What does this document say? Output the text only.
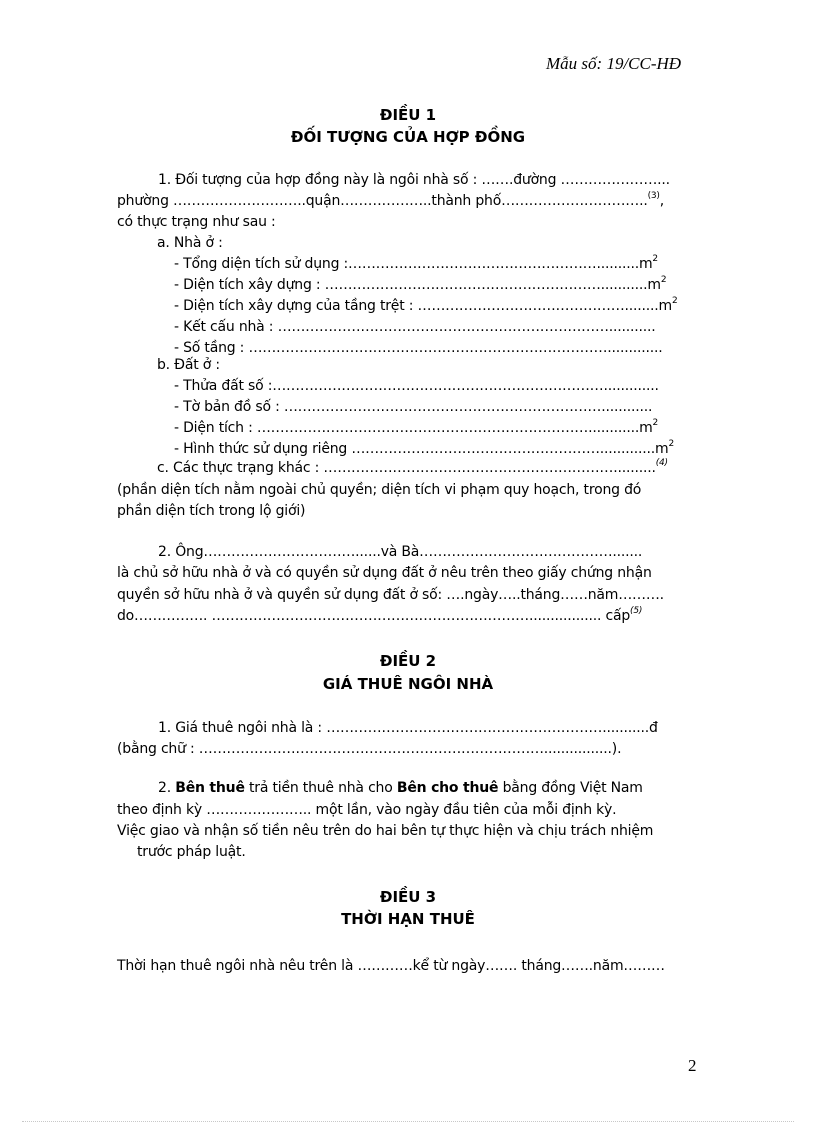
Mẫu số: 19/CC-HĐ
ĐIỀU 1
ĐỐI TƯỢNG CỦA HỢP ĐỒNG
1. Đối tượng của hợp đồng này là ngôi nhà số : …….đường …………………...
phường ………………………..quận………………..thành phố…………………………..$^{(3)}$,
có thực trạng như sau :
a. Nhà ở :
- Tổng diện tích sử dụng $:\dots\dots\dots\dots\dots\dots\dots\dots\dots\dots\dots\dots\dots\dots\dots\dots\dots\dots..........m^2$
- Diện tích xây dựng : $\dots\dots\dots\dots\dots\dots\dots\dots\dots\dots\dots\dots\dots\dots\dots\dots\dots\dots\dots\dots...........m^2$
- Diện tích xây dựng của tầng trệt : $\dots\dots\dots\dots\dots\dots\dots\dots\dots\dots\dots\dots\dots\dots\dots........m^2$
- Kết cấu nhà : ………………………………………………………………...........
- Số tầng : …………………………………………………………………….............
b. Đất ở :
- Thửa đất số :……………………………………………………………….............
- Tờ bản đồ số : ……………………………………………………………............
- Diện tích : $\dots\dots\dots\dots\dots\dots\dots\dots\dots\dots\dots\dots\dots\dots\dots\dots\dots\dots\dots\dots\dots\dots\dots\dots............m^2$
- Hình thức sử dụng riêng $\dots\dots\dots\dots\dots\dots\dots\dots\dots\dots\dots\dots\dots\dots\dots\dots\dots\dots.............m^2$
c. Các thực trạng khác : ………………………………………………………..........$^{(4)}$
(phần diện tích nằm ngoài chủ quyền; diện tích vi phạm quy hoạch, trong đó
phần diện tích trong lộ giới)
2. Ông……………………………......và Bà…………………………………….......
là chủ sở hữu nhà ở và có quyền sử dụng đất ở nêu trên theo giấy chứng nhận
quyền sở hữu nhà ở và quyền sử dụng đất ở số: ….ngày…..tháng……năm……….
do……………. ……………………………………………………………................. cấp$^{(5)}$
ĐIỀU 2
GIÁ THUÊ NGÔI NHÀ
1. Giá thuê ngôi nhà là : ……………………………………………………...........đ
(bằng chữ : …………………………………………………………………................).
2. Bên thuê trả tiền thuê nhà cho Bên cho thuê bằng đồng Việt Nam
theo định kỳ ………………….. một lần, vào ngày đầu tiên của mỗi định kỳ.
Việc giao và nhận số tiền nêu trên do hai bên tự thực hiện và chịu trách nhiệm
trước pháp luật.
ĐIỀU 3
THỜI HẠN THUÊ
Thời hạn thuê ngôi nhà nêu trên là …………kể từ ngày……. tháng…….năm………
2
